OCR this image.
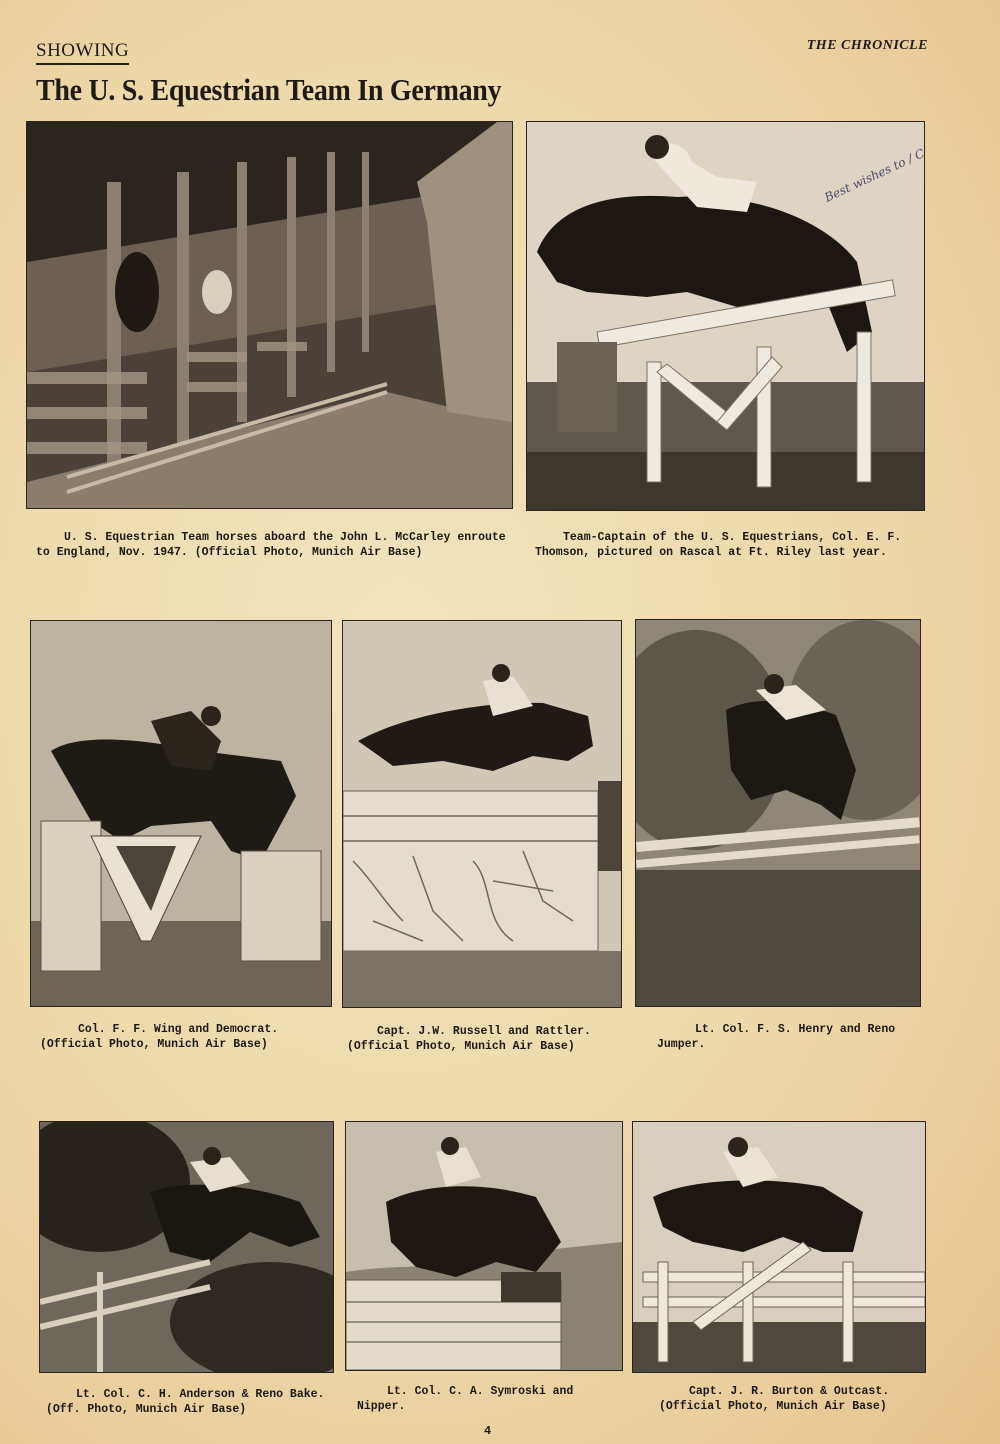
SHOWING	THE CHRONICLE
The U. S. Equestrian Team In Germany
U. S. Equestrian Team horses aboard the John L. McCarley enroute to England, Nov. 1947. (Official Photo, Munich Air Base)
Team-Captain of the U. S. Equestrians, Col. E. F. Thomson, pictured on Rascal at Ft. Riley last year.
Col. F. F. Wing and Democrat. (Official Photo, Munich Air Base)
Capt. J.W. Russell and Rattler. (Official Photo, Munich Air Base)
Lt. Col. F. S. Henry and Reno Jumper.
Lt. Col. C. H. Anderson & Reno Bake. (Off. Photo, Munich Air Base)
Lt. Col. C. A. Symroski and Nipper.
Capt. J. R. Burton & Outcast. (Official Photo, Munich Air Base)
4
